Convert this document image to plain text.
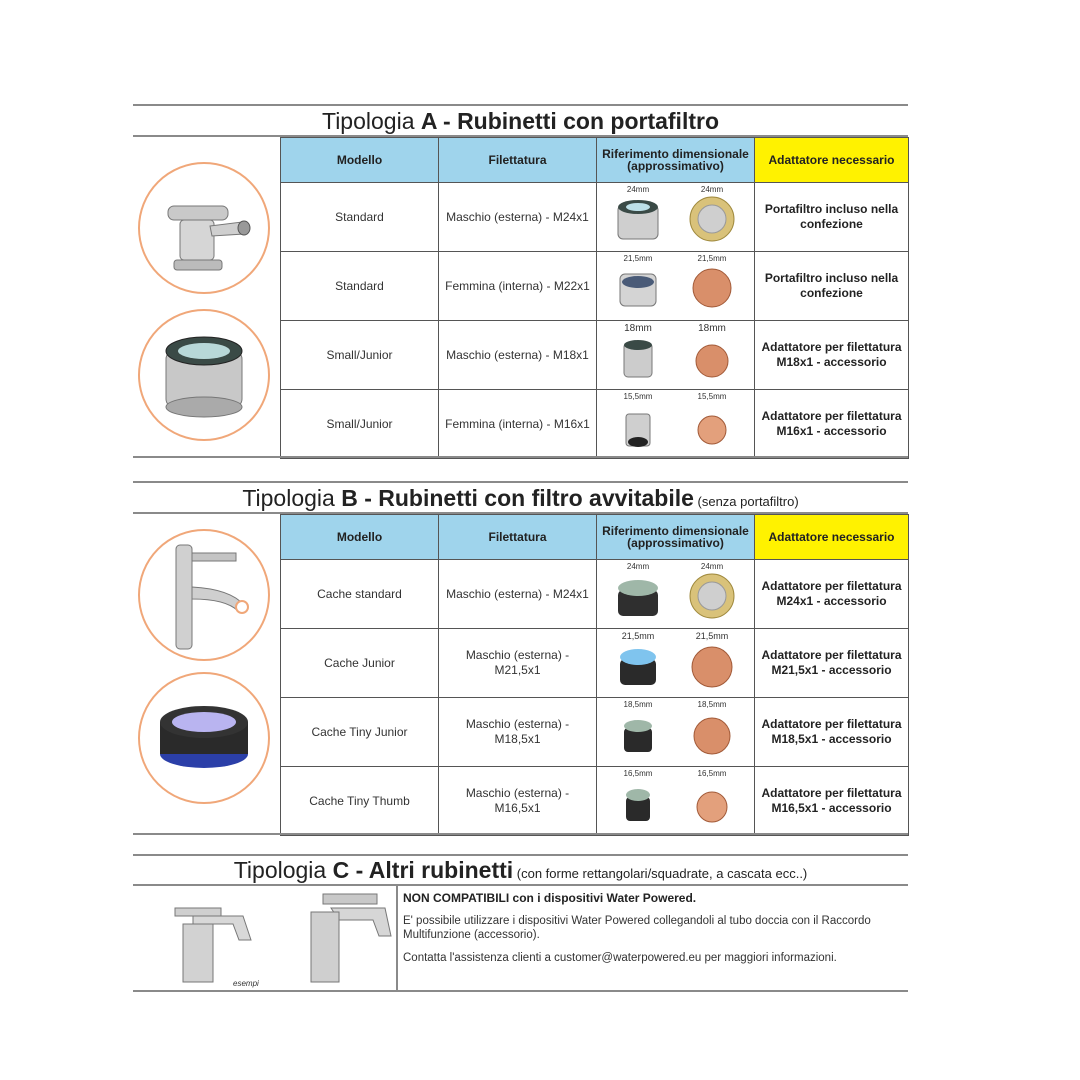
Tipologia A - Rubinetti con portafiltro
Modello	Filettatura	Riferimento dimensionale (approssimativo)	Adattatore necessario
Standard	Maschio (esterna) - M24x1	24mm 24mm	Portafiltro incluso nella confezione
Standard	Femmina (interna) - M22x1	21,5mm 21,5mm	Portafiltro incluso nella confezione
Small/Junior	Maschio (esterna) - M18x1	18mm 18mm	Adattatore per filettatura M18x1 - accessorio
Small/Junior	Femmina (interna) - M16x1	15,5mm 15,5mm	Adattatore per filettatura M16x1 - accessorio
Tipologia B - Rubinetti con filtro avvitabile (senza portafiltro)
Modello	Filettatura	Riferimento dimensionale (approssimativo)	Adattatore necessario
Cache standard	Maschio (esterna) - M24x1	24mm 24mm	Adattatore per filettatura M24x1 - accessorio
Cache Junior	Maschio (esterna) - M21,5x1	21,5mm 21,5mm	Adattatore per filettatura M21,5x1 - accessorio
Cache Tiny Junior	Maschio (esterna) - M18,5x1	18,5mm 18,5mm	Adattatore per filettatura M18,5x1 - accessorio
Cache Tiny Thumb	Maschio (esterna) - M16,5x1	16,5mm 16,5mm	Adattatore per filettatura M16,5x1 - accessorio
Tipologia C - Altri rubinetti (con forme rettangolari/squadrate, a cascata ecc..)
esempi
NON COMPATIBILI con i dispositivi Water Powered.
E' possibile utilizzare i dispositivi Water Powered collegandoli al tubo doccia con il Raccordo Multifunzione (accessorio).
Contatta l'assistenza clienti a customer@waterpowered.eu per maggiori informazioni.
